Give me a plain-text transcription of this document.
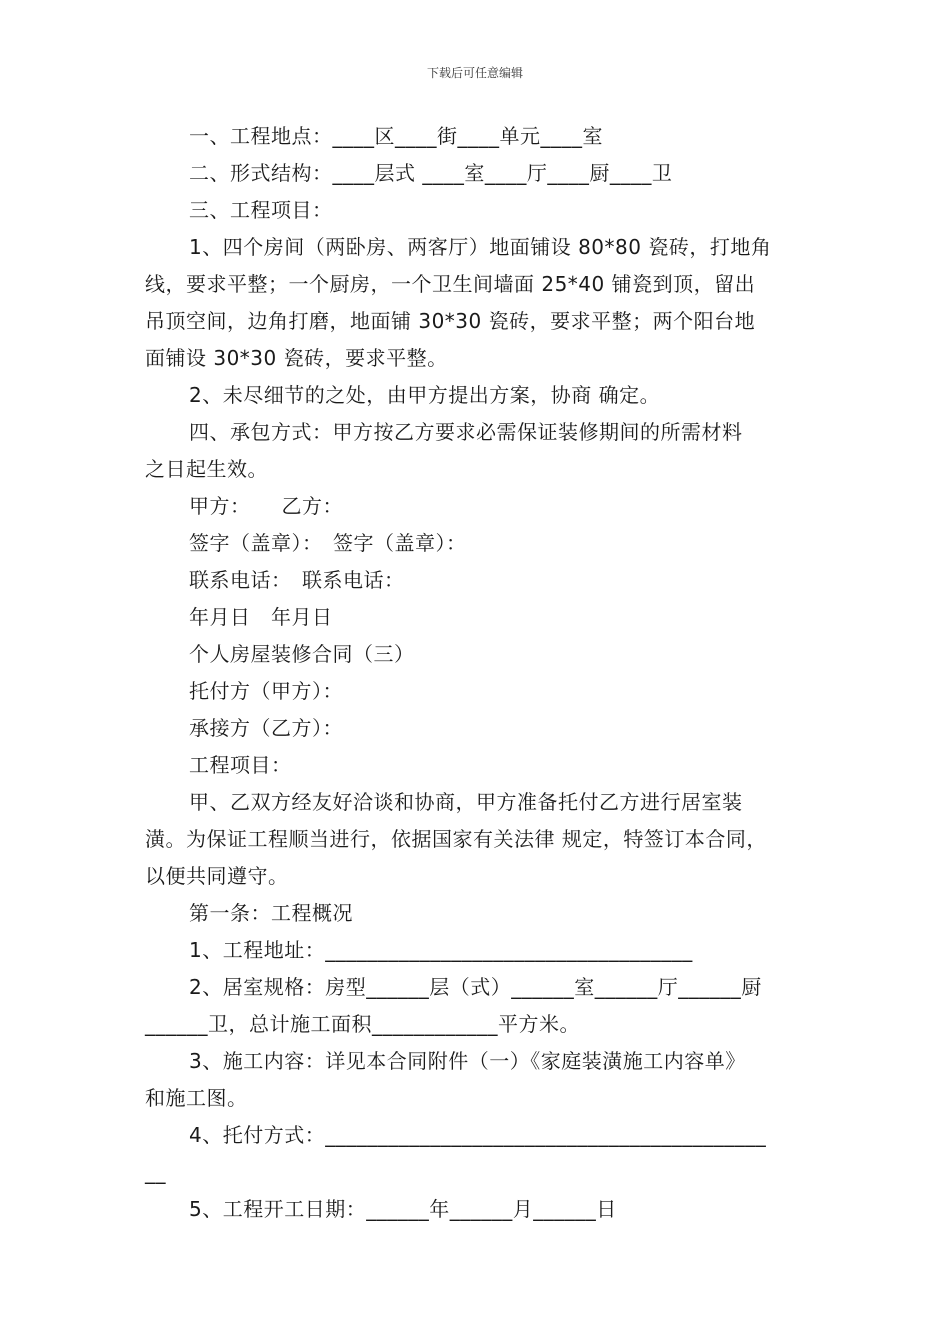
下载后可任意编辑
一、工程地点：____区____街____单元____室
二、形式结构：____层式 ____室____厅____厨____卫
三、工程项目：
1、四个房间（两卧房、两客厅）地面铺设 80*80 瓷砖，打地角
线，要求平整；一个厨房，一个卫生间墙面 25*40 铺瓷到顶，留出
吊顶空间，边角打磨，地面铺 30*30 瓷砖，要求平整；两个阳台地
面铺设 30*30 瓷砖，要求平整。
2、未尽细节的之处，由甲方提出方案，协商 确定。
四、承包方式：甲方按乙方要求必需保证装修期间的所需材料
之日起生效。
甲方：　　乙方：
签字（盖章）：　签字（盖章）：
联系电话：　联系电话：
年月日　年月日
个人房屋装修合同（三）
托付方（甲方）：
承接方（乙方）：
工程项目：
甲、乙双方经友好洽谈和协商，甲方准备托付乙方进行居室装
潢。为保证工程顺当进行，依据国家有关法律 规定，特签订本合同，
以便共同遵守。
第一条：工程概况
1、工程地址：___________________________________
2、居室规格：房型______层（式）______室______厅______厨
______卫，总计施工面积____________平方米。
3、施工内容：详见本合同附件（一）《家庭装潢施工内容单》
和施工图。
4、托付方式：__________________________________________
__
5、工程开工日期：______年______月______日
